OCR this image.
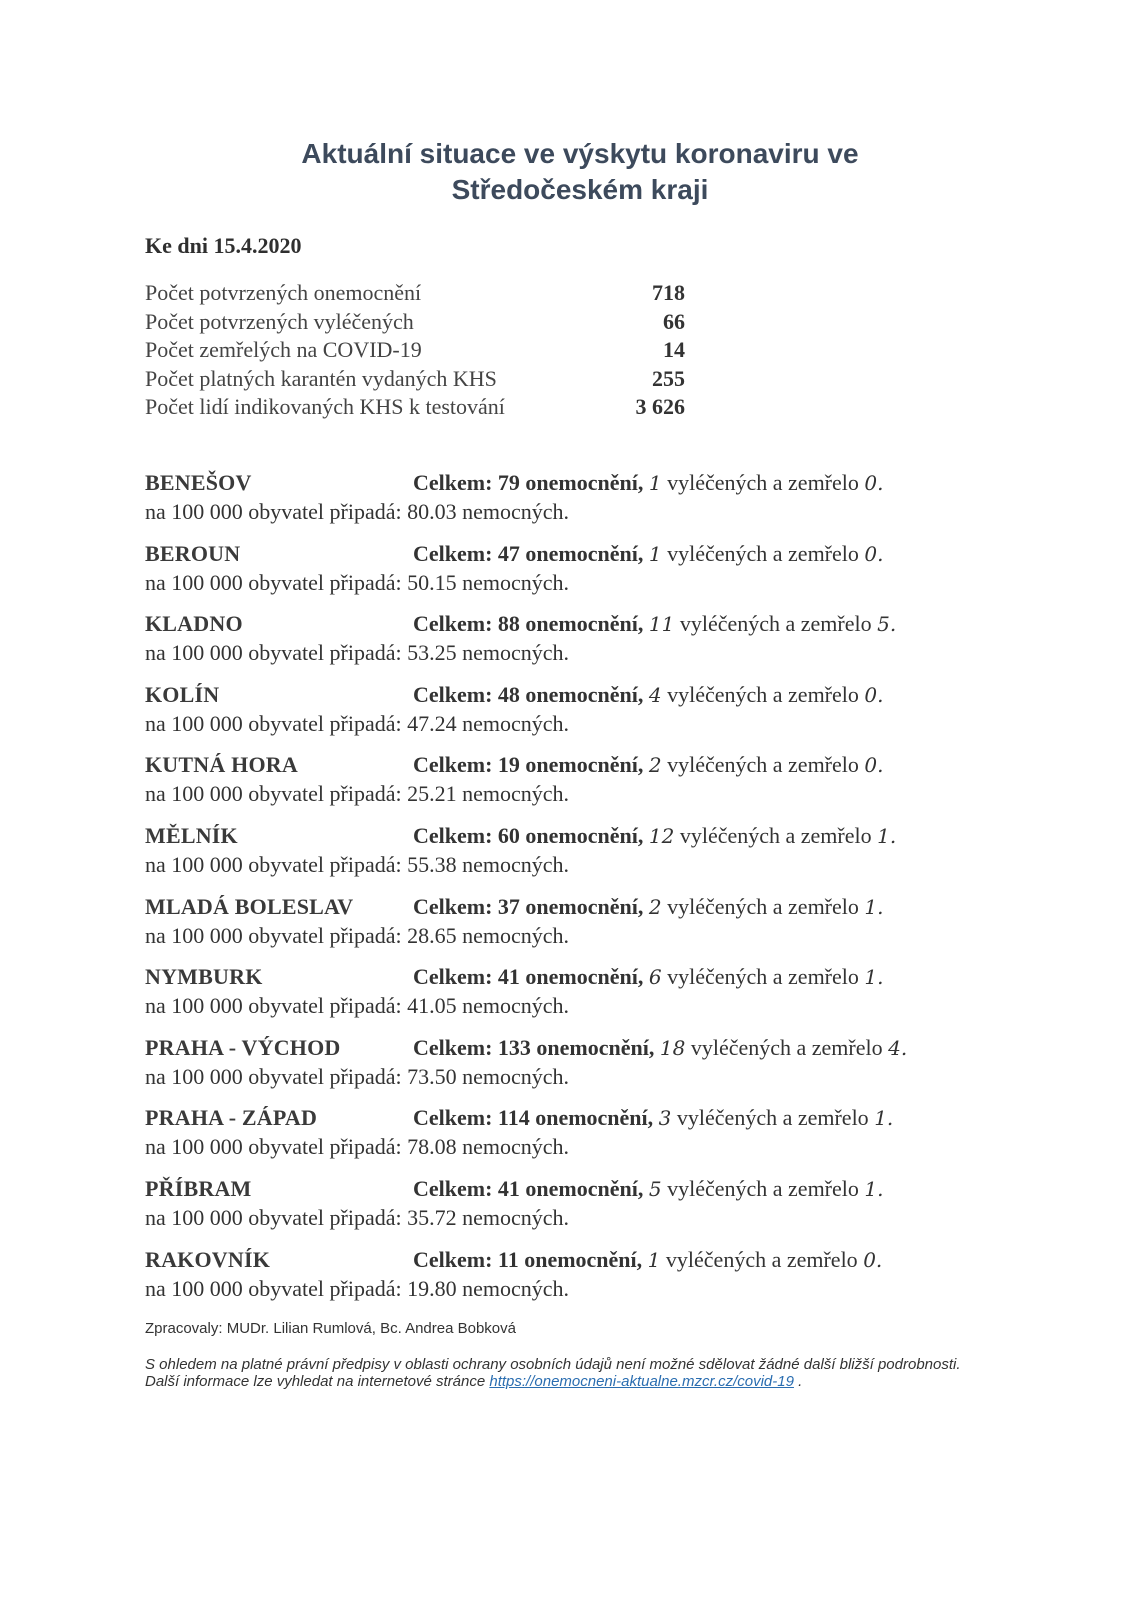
Aktuální situace ve výskytu koronaviru ve
Středočeském kraji
Ke dni 15.4.2020
Počet potvrzených onemocnění	718
Počet potvrzených vyléčených	66
Počet zemřelých na COVID-19	14
Počet platných karantén vydaných KHS	255
Počet lidí indikovaných KHS k testování	3 626
BENEŠOV	Celkem: 79 onemocnění, 1 vyléčených a zemřelo 0.
na 100 000 obyvatel připadá: 80.03 nemocných.
BEROUN	Celkem: 47 onemocnění, 1 vyléčených a zemřelo 0.
na 100 000 obyvatel připadá: 50.15 nemocných.
KLADNO	Celkem: 88 onemocnění, 11 vyléčených a zemřelo 5.
na 100 000 obyvatel připadá: 53.25 nemocných.
KOLÍN	Celkem: 48 onemocnění, 4 vyléčených a zemřelo 0.
na 100 000 obyvatel připadá: 47.24 nemocných.
KUTNÁ HORA	Celkem: 19 onemocnění, 2 vyléčených a zemřelo 0.
na 100 000 obyvatel připadá: 25.21 nemocných.
MĚLNÍK	Celkem: 60 onemocnění, 12 vyléčených a zemřelo 1.
na 100 000 obyvatel připadá: 55.38 nemocných.
MLADÁ BOLESLAV	Celkem: 37 onemocnění, 2 vyléčených a zemřelo 1.
na 100 000 obyvatel připadá: 28.65 nemocných.
NYMBURK	Celkem: 41 onemocnění, 6 vyléčených a zemřelo 1.
na 100 000 obyvatel připadá: 41.05 nemocných.
PRAHA - VÝCHOD	Celkem: 133 onemocnění, 18 vyléčených a zemřelo 4.
na 100 000 obyvatel připadá: 73.50 nemocných.
PRAHA - ZÁPAD	Celkem: 114 onemocnění, 3 vyléčených a zemřelo 1.
na 100 000 obyvatel připadá: 78.08 nemocných.
PŘÍBRAM	Celkem: 41 onemocnění, 5 vyléčených a zemřelo 1.
na 100 000 obyvatel připadá: 35.72 nemocných.
RAKOVNÍK	Celkem: 11 onemocnění, 1 vyléčených a zemřelo 0.
na 100 000 obyvatel připadá: 19.80 nemocných.
Zpracovaly: MUDr. Lilian Rumlová, Bc. Andrea Bobková
S ohledem na platné právní předpisy v oblasti ochrany osobních údajů není možné sdělovat žádné další bližší podrobnosti.
Další informace lze vyhledat na internetové stránce https://onemocneni-aktualne.mzcr.cz/covid-19 .
